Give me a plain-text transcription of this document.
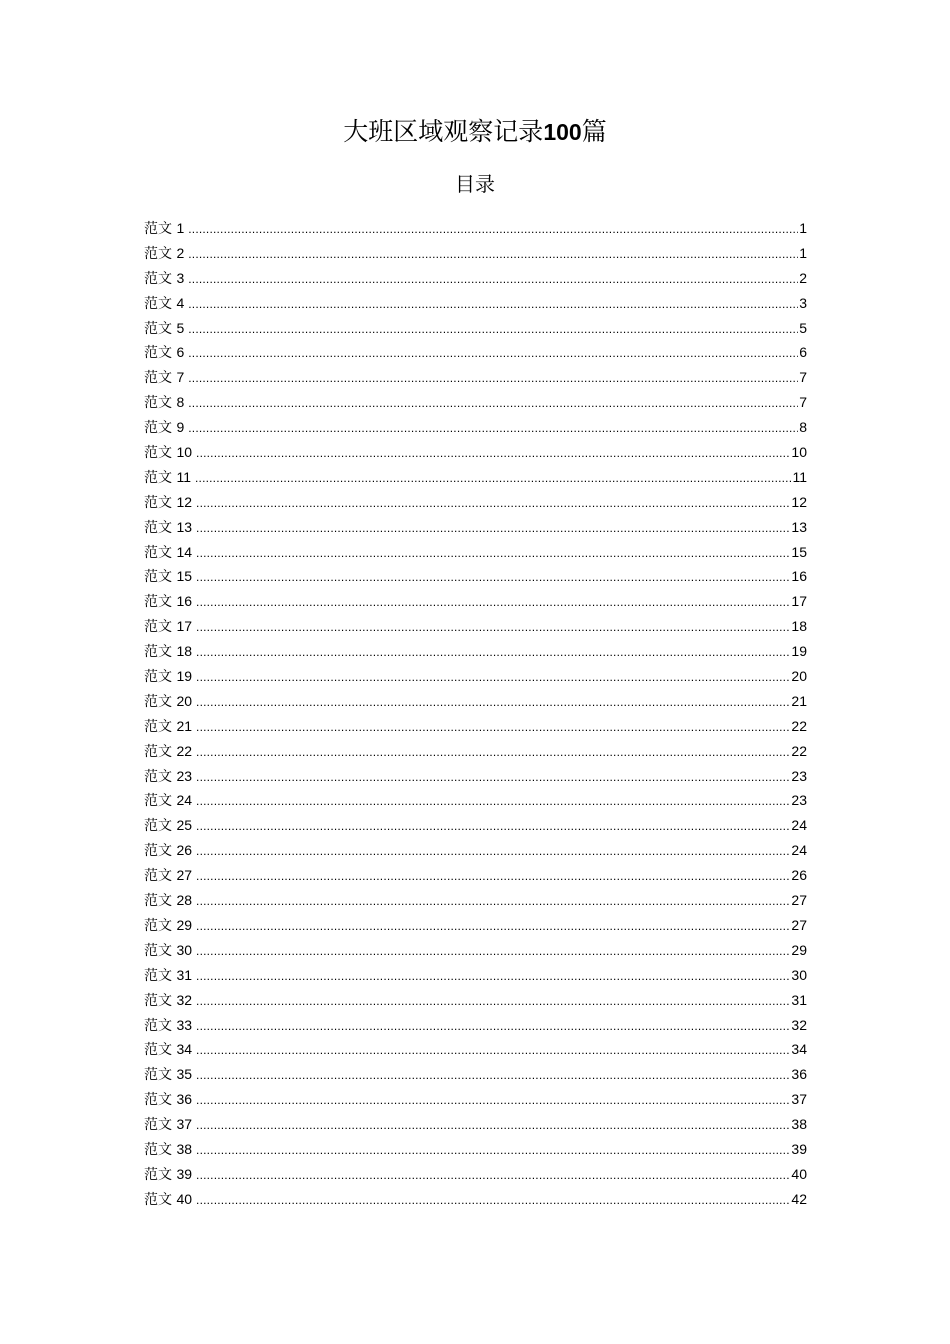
大班区域观察记录100篇
目录
范文 1 .....	1
范文 2 .....	1
范文 3 .....	2
范文 4 .....	3
范文 5 .....	5
范文 6 .....	6
范文 7 .....	7
范文 8 .....	7
范文 9 .....	8
范文 10 .....	10
范文 11 .....	11
范文 12 .....	12
范文 13 .....	13
范文 14 .....	15
范文 15 .....	16
范文 16 .....	17
范文 17 .....	18
范文 18 .....	19
范文 19 .....	20
范文 20 .....	21
范文 21 .....	22
范文 22 .....	22
范文 23 .....	23
范文 24 .....	23
范文 25 .....	24
范文 26 .....	24
范文 27 .....	26
范文 28 .....	27
范文 29 .....	27
范文 30 .....	29
范文 31 .....	30
范文 32 .....	31
范文 33 .....	32
范文 34 .....	34
范文 35 .....	36
范文 36 .....	37
范文 37 .....	38
范文 38 .....	39
范文 39 .....	40
范文 40 .....	42
